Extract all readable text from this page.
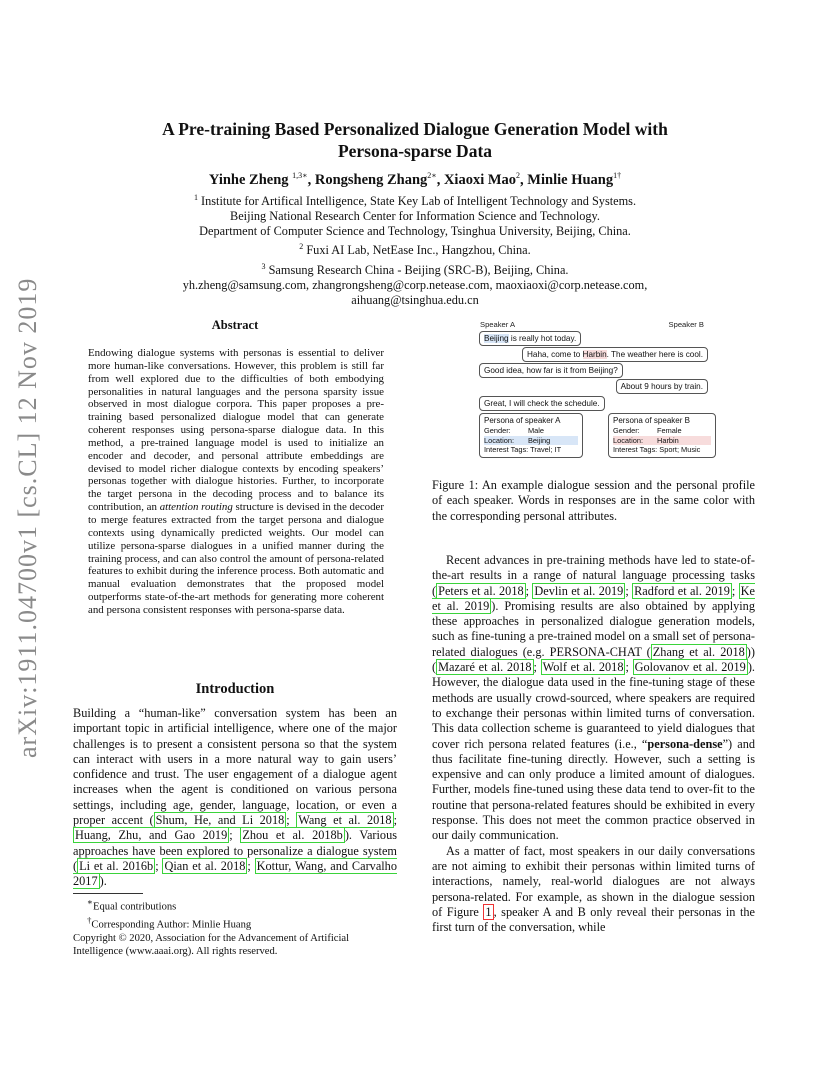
arXiv:1911.04700v1 [cs.CL] 12 Nov 2019
A Pre-training Based Personalized Dialogue Generation Model with
Persona-sparse Data
Yinhe Zheng $^{1,3∗}$, Rongsheng Zhang$^{2∗}$, Xiaoxi Mao$^2$, Minlie Huang$^{1\dagger}$
$^1$ Institute for Artifical Intelligence, State Key Lab of Intelligent Technology and Systems.
Beijing National Research Center for Information Science and Technology.
Department of Computer Science and Technology, Tsinghua University, Beijing, China.
$^2$ Fuxi AI Lab, NetEase Inc., Hangzhou, China.
$^3$ Samsung Research China - Beijing (SRC-B), Beijing, China.
yh.zheng@samsung.com, zhangrongsheng@corp.netease.com, maoxiaoxi@corp.netease.com,
aihuang@tsinghua.edu.cn
Abstract

Endowing dialogue systems with personas is essential to deliver more human-like conversations. However, this problem is still far from well explored due to the difficulties of both embodying personalities in natural languages and the persona sparsity issue observed in most dialogue corpora. This paper proposes a pre-training based personalized dialogue model that can generate coherent responses using persona-sparse dialogue data. In this method, a pre-trained language model is used to initialize an encoder and decoder, and personal attribute embeddings are devised to model richer dialogue contexts by encoding speakers’ personas together with dialogue histories. Further, to incorporate the target persona in the decoding process and to balance its contribution, an attention routing structure is devised in the decoder to merge features extracted from the target persona and dialogue contexts using dynamically predicted weights. Our model can utilize persona-sparse dialogues in a unified manner during the training process, and can also control the amount of persona-related features to exhibit during the inference process. Both automatic and manual evaluation demonstrates that the proposed model outperforms state-of-the-art methods for generating more coherent and persona consistent responses with persona-sparse data.

Introduction

Building a “human-like” conversation system has been an important topic in artificial intelligence, where one of the major challenges is to present a consistent persona so that the system can interact with users in a more natural way to gain users’ confidence and trust. The user engagement of a dialogue agent increases when the agent is conditioned on various persona settings, including age, gender, language, location, or even a proper accent ( Shum, He, and Li 2018 ; Wang et al. 2018 ; Huang, Zhu, and Gao 2019 ; Zhou et al. 2018b ). Various approaches have been explored to personalize a dialogue system ( Li et al. 2016b ; Qian et al. 2018 ; Kottur, Wang, and Carvalho 2017 ).

∗Equal contributions

†Corresponding Author: Minlie Huang

Copyright © 2020, Association for the Advancement of Artificial Intelligence (www.aaai.org). All rights reserved.

Speaker A	Speaker B
Beijing is really hot today.
Haha, come to Harbin. The weather here is cool.
Good idea, how far is it from Beijing?
About 9 hours by train.
Great, I will check the schedule.
Persona of speaker A
Gender: Male
Location: Beijing
Interest Tags: Travel; IT
Persona of speaker B
Gender: Female
Location: Harbin
Interest Tags: Sport; Music
Figure 1: An example dialogue session and the personal profile of each speaker. Words in responses are in the same color with the corresponding personal attributes.

Recent advances in pre-training methods have led to state-of-the-art results in a range of natural language processing tasks ( Peters et al. 2018 ; Devlin et al. 2019 ; Radford et al. 2019 ; Ke et al. 2019 ). Promising results are also obtained by applying these approaches in personalized dialogue generation models, such as fine-tuning a pre-trained model on a small set of persona-related dialogues (e.g. PERSONA-CHAT ( Zhang et al. 2018 )) ( Mazaré et al. 2018 ; Wolf et al. 2018 ; Golovanov et al. 2019 ). However, the dialogue data used in the fine-tuning stage of these methods are usually crowd-sourced, where speakers are required to exchange their personas within limited turns of conversation. This data collection scheme is guaranteed to yield dialogues that cover rich persona related features (i.e., “persona-dense”) and thus facilitate fine-tuning directly. However, such a setting is expensive and can only produce a limited amount of dialogues. Further, models fine-tuned using these data tend to over-fit to the routine that persona-related features should be exhibited in every response. This does not meet the common practice observed in our daily communication.

As a matter of fact, most speakers in our daily conversations are not aiming to exhibit their personas within limited turns of interactions, namely, real-world dialogues are not always persona-related. For example, as shown in the dialogue session of Figure 1 , speaker A and B only reveal their personas in the first turn of the conversation, while
